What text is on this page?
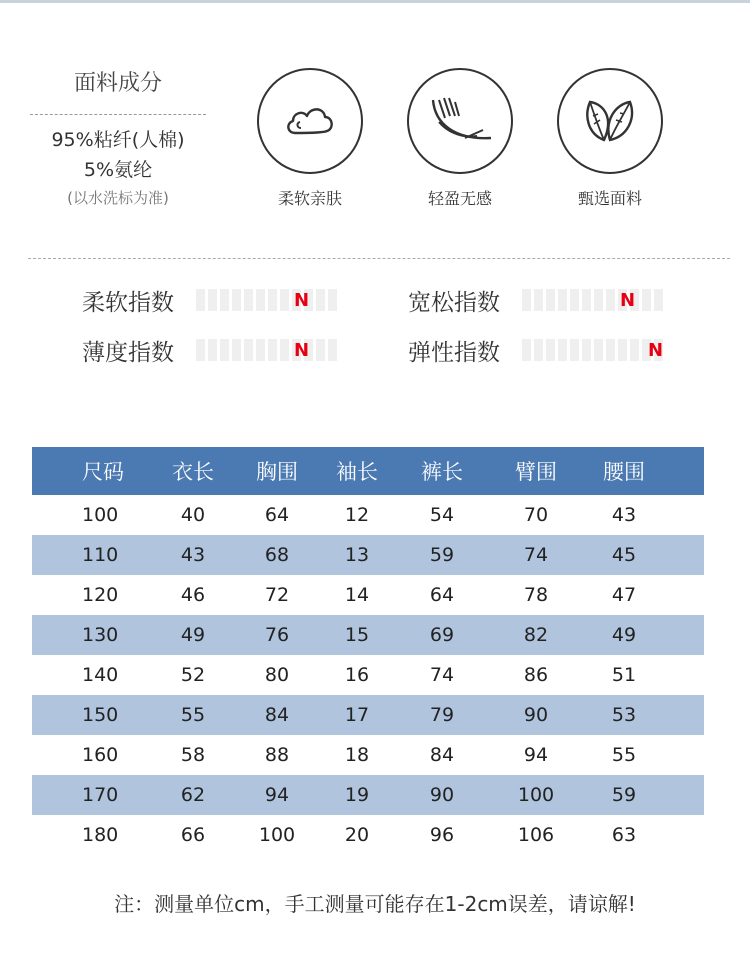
面料成分
95%粘纤(人棉)
5%氨纶
(以水洗标为准)	柔软亲肤	轻盈无感	甄选面料
柔软指数	N	宽松指数	N
薄度指数	N	弹性指数	N
尺码	衣长	胸围	袖长	裤长	臂围	腰围
100	40	64	12	54	70	43
110	43	68	13	59	74	45
120	46	72	14	64	78	47
130	49	76	15	69	82	49
140	52	80	16	74	86	51
150	55	84	17	79	90	53
160	58	88	18	84	94	55
170	62	94	19	90	100	59
180	66	100	20	96	106	63
注：测量单位cm，手工测量可能存在1-2cm误差，请谅解!
